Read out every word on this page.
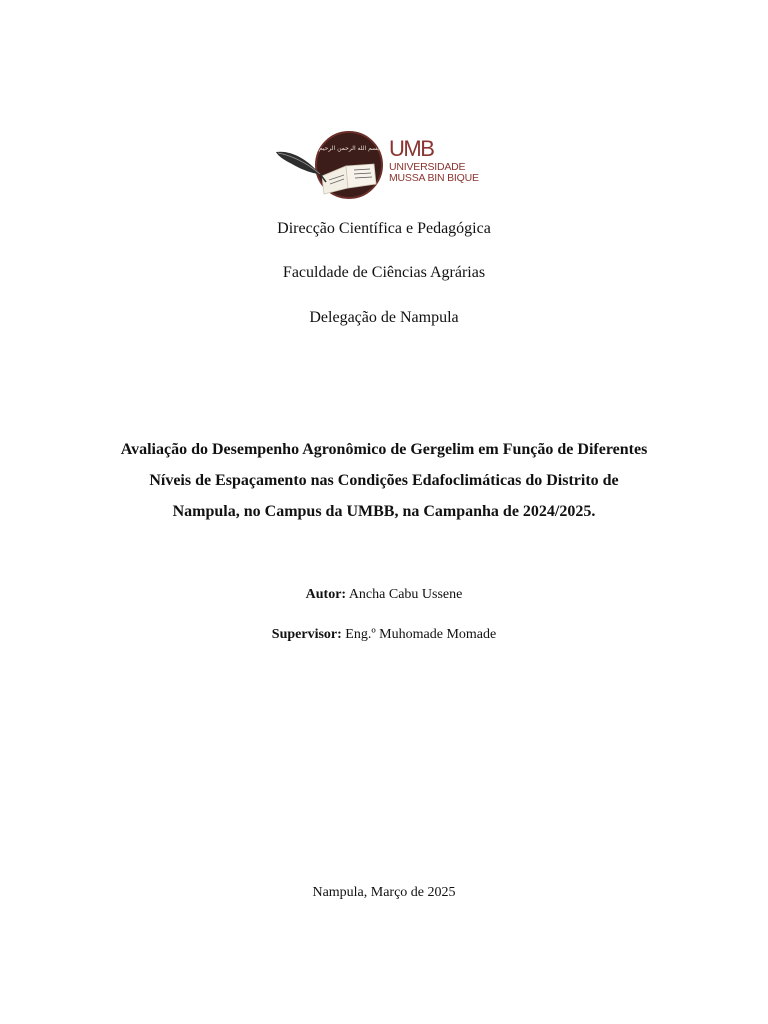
بسم الله الرحمن الرحيم UMB
UNIVERSIDADE
MUSSA BIN BIQUE
Direcção Científica e Pedagógica
Faculdade de Ciências Agrárias
Delegação de Nampula
Avaliação do Desempenho Agronômico de Gergelim em Função de Diferentes
Níveis de Espaçamento nas Condições Edafoclimáticas do Distrito de
Nampula, no Campus da UMBB, na Campanha de 2024/2025.
Autor: Ancha Cabu Ussene
Supervisor: Eng.º Muhomade Momade
Nampula, Março de 2025
